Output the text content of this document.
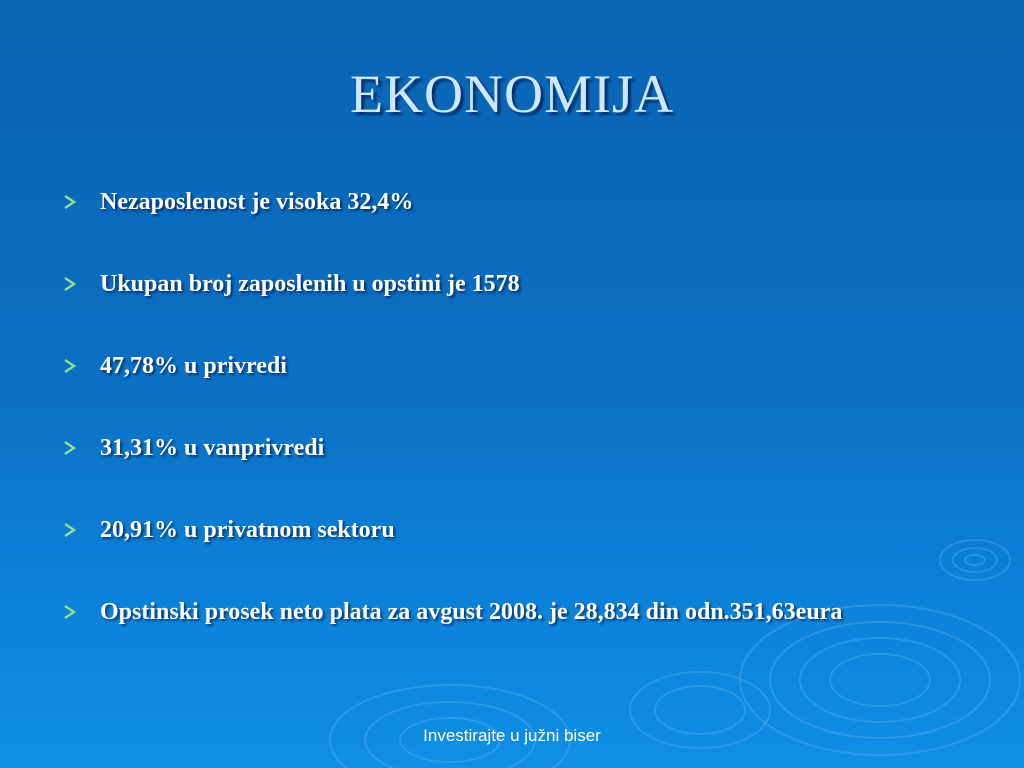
EKONOMIJA
Nezaposlenost je visoka 32,4%
Ukupan broj zaposlenih u opstini je 1578
47,78% u privredi
31,31% u vanprivredi
20,91% u privatnom sektoru
Opstinski prosek neto plata za avgust 2008. je 28,834 din odn.351,63eura
Investirajte u južni biser
